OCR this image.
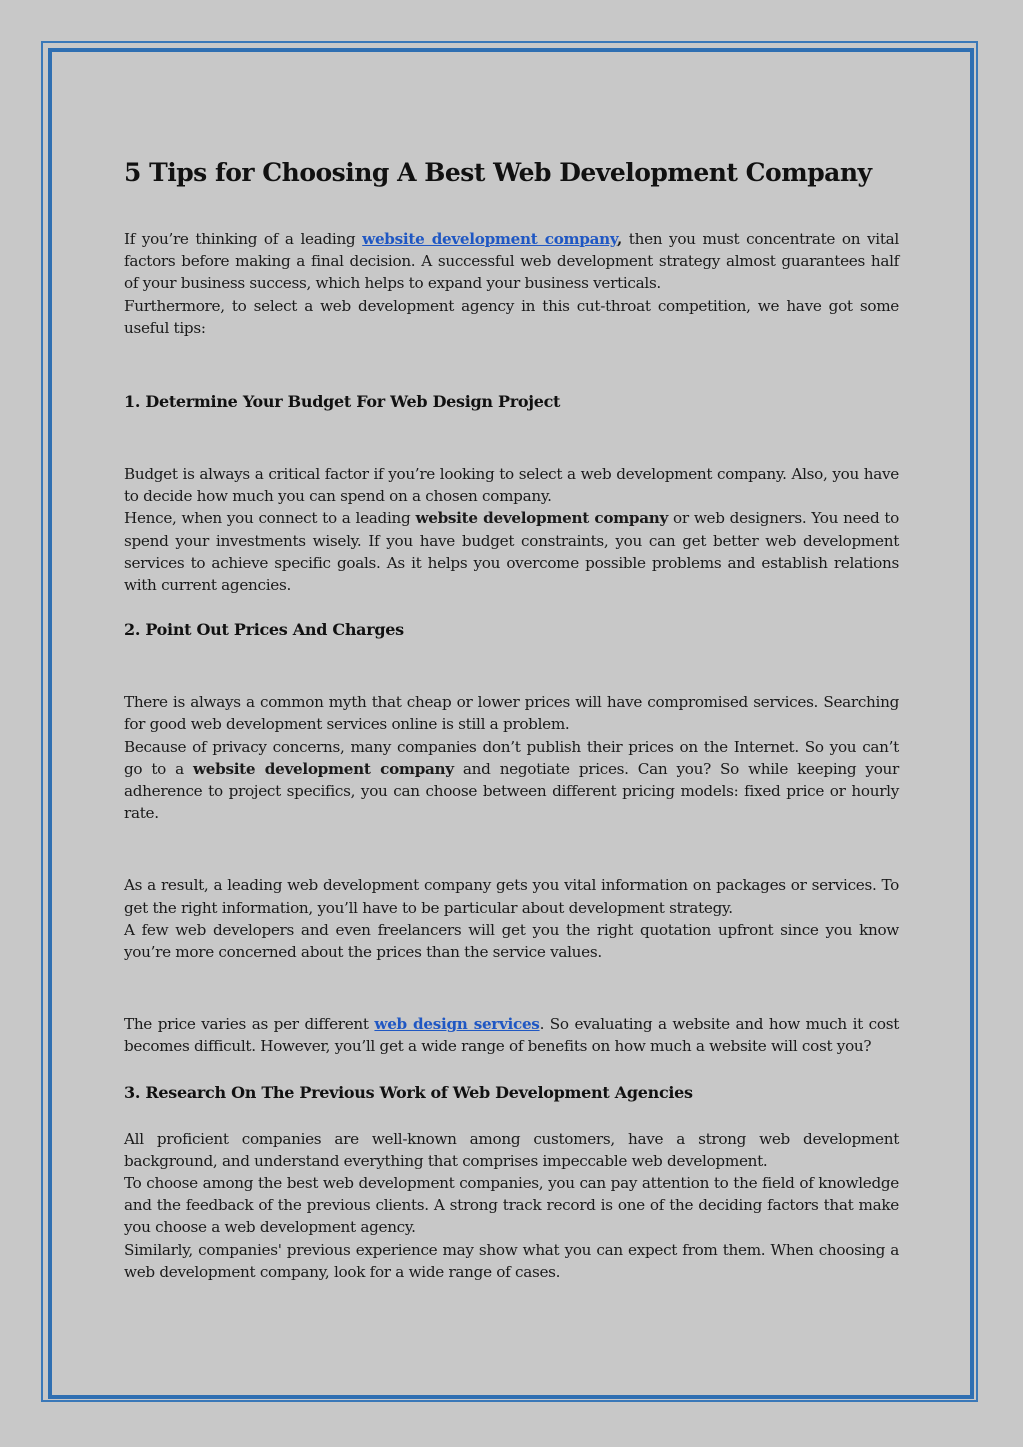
5 Tips for Choosing A Best Web Development Company

If you’re thinking of a leading website development company, then you must concentrate on vital factors before making a final decision. A successful web development strategy almost guarantees half of your business success, which helps to expand your business verticals.
Furthermore, to select a web development agency in this cut-throat competition, we have got some useful tips:

1. Determine Your Budget For Web Design Project

Budget is always a critical factor if you’re looking to select a web development company. Also, you have to decide how much you can spend on a chosen company.

Hence, when you connect to a leading website development company or web designers. You need to spend your investments wisely. If you have budget constraints, you can get better web development services to achieve specific goals. As it helps you overcome possible problems and establish relations with current agencies.

2. Point Out Prices And Charges

There is always a common myth that cheap or lower prices will have compromised services. Searching for good web development services online is still a problem.

Because of privacy concerns, many companies don’t publish their prices on the Internet. So you can’t go to a website development company and negotiate prices. Can you? So while keeping your adherence to project specifics, you can choose between different pricing models: fixed price or hourly rate.

As a result, a leading web development company gets you vital information on packages or services. To get the right information, you’ll have to be particular about development strategy.

A few web developers and even freelancers will get you the right quotation upfront since you know you’re more concerned about the prices than the service values.

The price varies as per different web design services. So evaluating a website and how much it cost becomes difficult. However, you’ll get a wide range of benefits on how much a website will cost you?

3. Research On The Previous Work of Web Development Agencies

All proficient companies are well-known among customers, have a strong web development background, and understand everything that comprises impeccable web development.

To choose among the best web development companies, you can pay attention to the field of knowledge and the feedback of the previous clients. A strong track record is one of the deciding factors that make you choose a web development agency.

Similarly, companies' previous experience may show what you can expect from them. When choosing a web development company, look for a wide range of cases.
